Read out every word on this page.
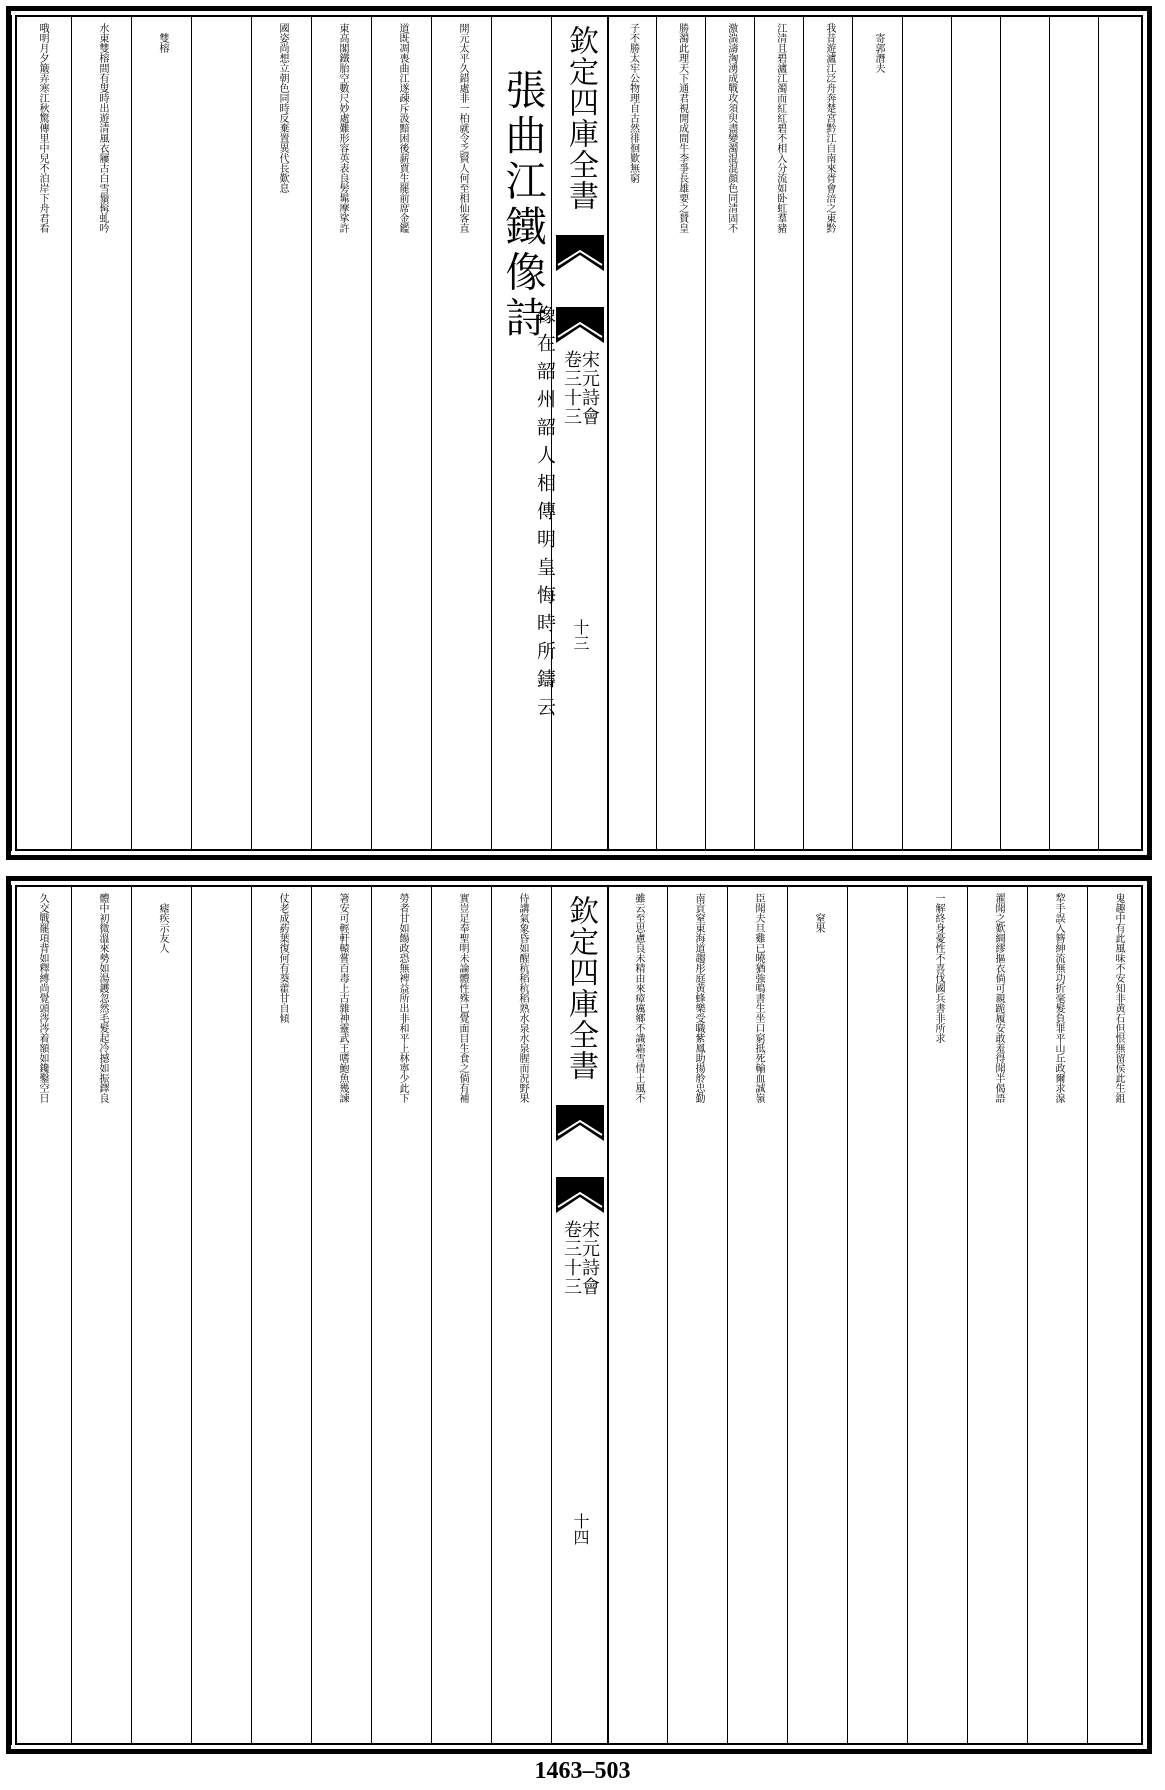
　寄郭潛夫
我昔遊瀘江泛舟奔楚宮黔江自南來胥會涪之東黔
江清且碧瀘江濁而紅紅碧不相入分流如卧虹羣豬
激湍濤洶湧成戰攻須臾盡變濁混混顔色同清固不
勝濁此理天下通君視開成間牛李爭長雄要之賛皇
子不勝太牢公物理自古然徘徊歎無窮
　張曲江鐵像詩
像在韶州韶人相傳明皇悔時所鑄云
開元太平久錯處非一柏就令乏賢人何至相仙客直
道既凋喪曲江遂疎斥汲黯困後薪賈生罷前席金鑑
東高閣鐵胎空數尺妙處難形容英表良髣髴摩挲許
國姿尚想立朝色同時反棄置異代長歎息
　雙榕
水東雙榕間有叟時出遊清風衣屨古白雪鬚髯虬吟
哦明月夕簸弄寒江秋驚傳里中兒不泊岸下舟君看	欽定四庫全書
卷三十三
宋元詩會
十三
鬼趣中有此風味不安知非黄石但恨無留侯此生鉏
犂手誤入簪紳流無功折毫髮負罪平山丘政爾求湶
濯聞之歎綢繆摳衣倘可親跪履安敢羞得聞半偈語
一解終身憂性不喜伐國兵書非所求
　　窒果
臣聞夫旦雞已曉猶強鳴書生坐口窮抵死輸血誠嶺
南貢窒東海道趨彤庭黄蜂樂受職紫鳳助揚舲忠勤
雖云至思慮良未精由來瘴癘鄉不識霜雪情土風不
侍講氣象昏如醒秔稻秔稻熟水泉水泉腥而況野果
實豈足奉聖明未論體性殊已覺面目生食之倘有補
勞者甘如餳政恐無裨益所出非和平上林寧少此下
箸安可輕軒轅嘗百毒上古雜神靈武王嗜鮑魚幾諫
仗老成葯葉復何有葵藿甘自傾
　瘧疾示友人
體中初微溫來勢如湯鑊忽然毛髮起冷撼如振鐸良
久交戰罷項背如釋縛尚覺頭涔涔着額如鑱鑿空日	欽定四庫全書
卷三十三
宋元詩會
十四
1463–503
